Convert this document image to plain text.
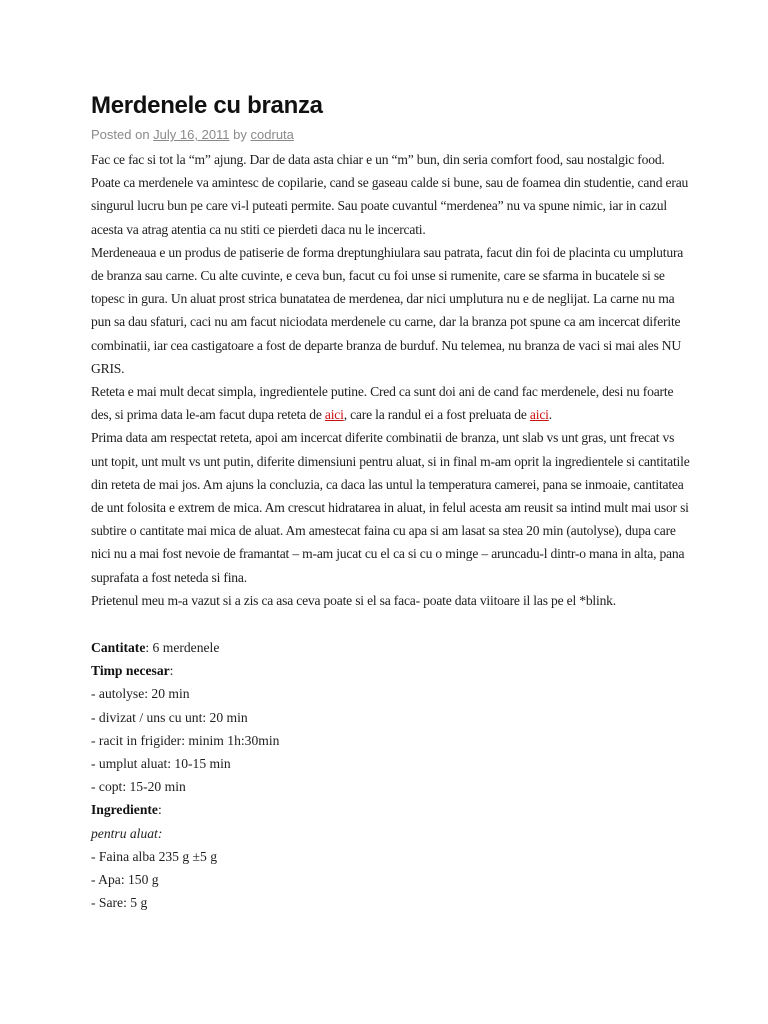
Merdenele cu branza
Posted on July 16, 2011 by codruta

Fac ce fac si tot la “m” ajung. Dar de data asta chiar e un “m” bun, din seria comfort food, sau nostalgic food. Poate ca merdenele va amintesc de copilarie, cand se gaseau calde si bune, sau de foamea din studentie, cand erau singurul lucru bun pe care vi-l puteati permite. Sau poate cuvantul “merdenea” nu va spune nimic, iar in cazul acesta va atrag atentia ca nu stiti ce pierdeti daca nu le incercati.

Merdeneaua e un produs de patiserie de forma dreptunghiulara sau patrata, facut din foi de placinta cu umplutura de branza sau carne. Cu alte cuvinte, e ceva bun, facut cu foi unse si rumenite, care se sfarma in bucatele si se topesc in gura. Un aluat prost strica bunatatea de merdenea, dar nici umplutura nu e de neglijat. La carne nu ma pun sa dau sfaturi, caci nu am facut niciodata merdenele cu carne, dar la branza pot spune ca am incercat diferite combinatii, iar cea castigatoare a fost de departe branza de burduf. Nu telemea, nu branza de vaci si mai ales NU GRIS.

Reteta e mai mult decat simpla, ingredientele putine. Cred ca sunt doi ani de cand fac merdenele, desi nu foarte des, si prima data le-am facut dupa reteta de aici, care la randul ei a fost preluata de aici.

Prima data am respectat reteta, apoi am incercat diferite combinatii de branza, unt slab vs unt gras, unt frecat vs unt topit, unt mult vs unt putin, diferite dimensiuni pentru aluat, si in final m-am oprit la ingredientele si cantitatile din reteta de mai jos. Am ajuns la concluzia, ca daca las untul la temperatura camerei, pana se inmoaie, cantitatea de unt folosita e extrem de mica. Am crescut hidratarea in aluat, in felul acesta am reusit sa intind mult mai usor si subtire o cantitate mai mica de aluat. Am amestecat faina cu apa si am lasat sa stea 20 min (autolyse), dupa care nici nu a mai fost nevoie de framantat – m-am jucat cu el ca si cu o minge – aruncadu-l dintr-o mana in alta, pana suprafata a fost neteda si fina.

Prietenul meu m-a vazut si a zis ca asa ceva poate si el sa faca- poate data viitoare il las pe el *blink.

Cantitate: 6 merdenele
Timp necesar:
- autolyse: 20 min
- divizat / uns cu unt: 20 min
- racit in frigider: minim 1h:30min
- umplut aluat: 10-15 min
- copt: 15-20 min
Ingrediente:
pentru aluat:
- Faina alba 235 g ±5 g
- Apa: 150 g
- Sare: 5 g
